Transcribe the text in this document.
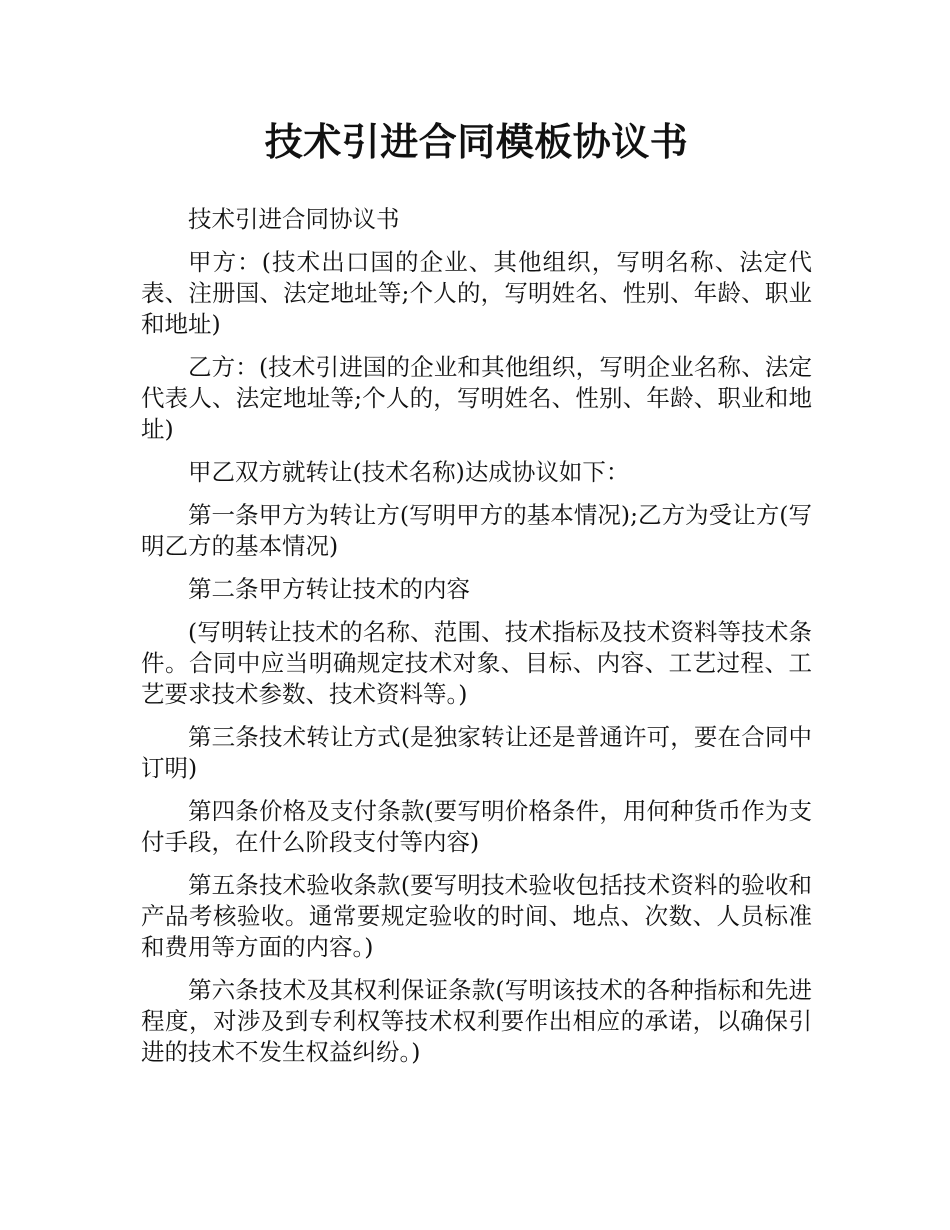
技术引进合同模板协议书

技术引进合同协议书

甲方：(技术出口国的企业、其他组织，写明名称、法定代表、注册国、法定地址等;个人的，写明姓名、性别、年龄、职业和地址)

乙方：(技术引进国的企业和其他组织，写明企业名称、法定代表人、法定地址等;个人的，写明姓名、性别、年龄、职业和地址)

甲乙双方就转让(技术名称)达成协议如下：

第一条甲方为转让方(写明甲方的基本情况);乙方为受让方(写明乙方的基本情况)

第二条甲方转让技术的内容

(写明转让技术的名称、范围、技术指标及技术资料等技术条件。合同中应当明确规定技术对象、目标、内容、工艺过程、工艺要求技术参数、技术资料等。)

第三条技术转让方式(是独家转让还是普通许可，要在合同中订明)

第四条价格及支付条款(要写明价格条件，用何种货币作为支付手段，在什么阶段支付等内容)

第五条技术验收条款(要写明技术验收包括技术资料的验收和产品考核验收。通常要规定验收的时间、地点、次数、人员标准和费用等方面的内容。)

第六条技术及其权利保证条款(写明该技术的各种指标和先进程度，对涉及到专利权等技术权利要作出相应的承诺，以确保引进的技术不发生权益纠纷。)
